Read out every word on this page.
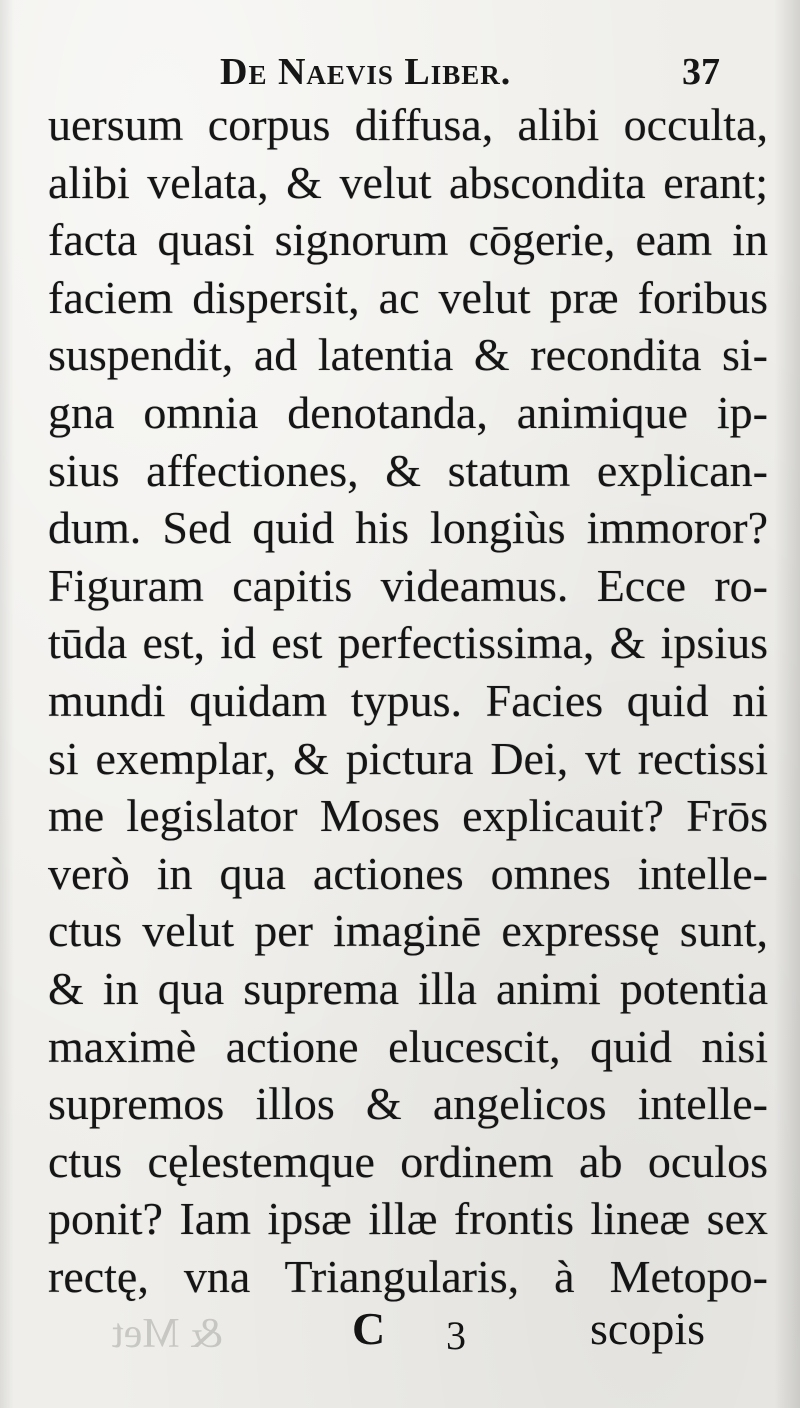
De Naevis Liber.	37
uersum corpus diffusa, alibi occulta,
alibi velata, & velut abscondita erant;
facta quasi signorum cōgerie, eam in
faciem dispersit, ac velut præ foribus
suspendit, ad latentia & recondita si-
gna omnia denotanda, animique ip-
sius affectiones, & statum explican-
dum. Sed quid his longiùs immoror?
Figuram capitis videamus. Ecce ro-
tūda est, id est perfectissima, & ipsius
mundi quidam typus. Facies quid ni
si exemplar, & pictura Dei, vt rectissi
me legislator Moses explicauit? Frōs
verò in qua actiones omnes intelle-
ctus velut per imaginē expressę sunt,
& in qua suprema illa animi potentia
maximè actione elucescit, quid nisi
supremos illos & angelicos intelle-
ctus cęlestemque ordinem ab oculos
ponit? Iam ipsæ illæ frontis lineæ sex
rectę, vna Triangularis, à Metopo-
& Met	C 3	scopis
